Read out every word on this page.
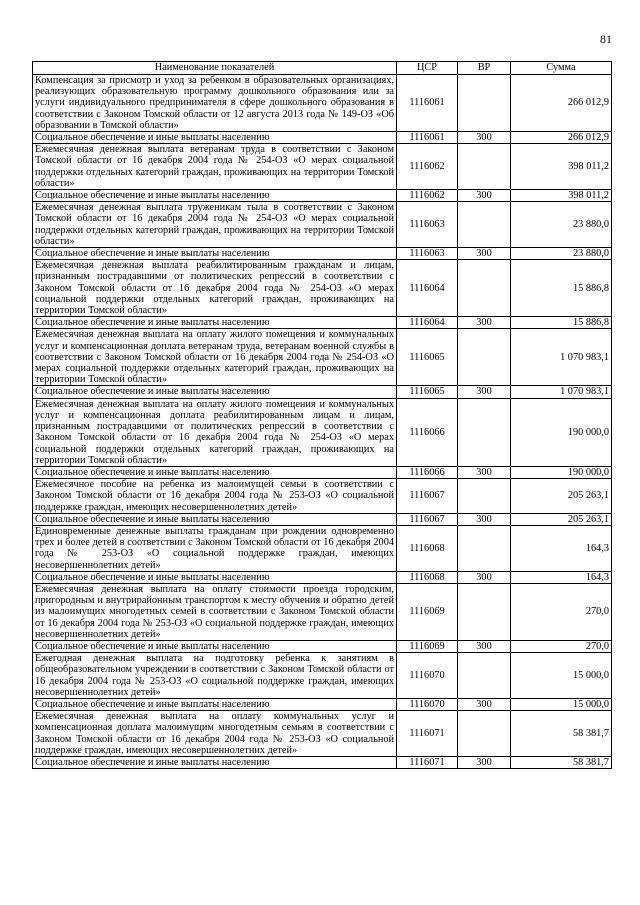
81
Наименование показателей	ЦСР	ВР	Сумма
Компенсация за присмотр и уход за ребенком в образовательных организациях, реализующих образовательную программу дошкольного образования или за услуги индивидуального предпринимателя в сфере дошкольного образования в соответствии с Законом Томской области от 12 августа 2013 года № 149-ОЗ «Об образовании в Томской области»	1116061		266 012,9
Социальное обеспечение и иные выплаты населению	1116061	300	266 012,9
Ежемесячная денежная выплата ветеранам труда в соответствии с Законом Томской области от 16 декабря 2004 года № 254-ОЗ «О мерах социальной поддержки отдельных категорий граждан, проживающих на территории Томской области»	1116062		398 011,2
Социальное обеспечение и иные выплаты населению	1116062	300	398 011,2
Ежемесячная денежная выплата труженикам тыла в соответствии с Законом Томской области от 16 декабря 2004 года № 254-ОЗ «О мерах социальной поддержки отдельных категорий граждан, проживающих на территории Томской области»	1116063		23 880,0
Социальное обеспечение и иные выплаты населению	1116063	300	23 880,0
Ежемесячная денежная выплата реабилитированным гражданам и лицам, признанным пострадавшими от политических репрессий в соответствии с Законом Томской области от 16 декабря 2004 года № 254-ОЗ «О мерах социальной поддержки отдельных категорий граждан, проживающих на территории Томской области»	1116064		15 886,8
Социальное обеспечение и иные выплаты населению	1116064	300	15 886,8
Ежемесячная денежная выплата на оплату жилого помещения и коммунальных услуг и компенсационная доплата ветеранам труда, ветеранам военной службы в соответствии с Законом Томской области от 16 декабря 2004 года № 254-ОЗ «О мерах социальной поддержки отдельных категорий граждан, проживающих на территории Томской области»	1116065		1 070 983,1
Социальное обеспечение и иные выплаты населению	1116065	300	1 070 983,1
Ежемесячная денежная выплата на оплату жилого помещения и коммунальных услуг и компенсационная доплата реабилитированным лицам и лицам, признанным пострадавшими от политических репрессий в соответствии с Законом Томской области от 16 декабря 2004 года № 254-ОЗ «О мерах социальной поддержки отдельных категорий граждан, проживающих на территории Томской области»	1116066		190 000,0
Социальное обеспечение и иные выплаты населению	1116066	300	190 000,0
Ежемесячное пособие на ребенка из малоимущей семьи в соответствии с Законом Томской области от 16 декабря 2004 года № 253-ОЗ «О социальной поддержке граждан, имеющих несовершеннолетних детей»	1116067		205 263,1
Социальное обеспечение и иные выплаты населению	1116067	300	205 263,1
Единовременные денежные выплаты гражданам при рождении одновременно трех и более детей в соответствии с Законом Томской области от 16 декабря 2004 года № 253-ОЗ «О социальной поддержке граждан, имеющих несовершеннолетних детей»	1116068		164,3
Социальное обеспечение и иные выплаты населению	1116068	300	164,3
Ежемесячная денежная выплата на оплату стоимости проезда городским, пригородным и внутрирайонным транспортом к месту обучения и обратно детей из малоимущих многодетных семей в соответствии с Законом Томской области от 16 декабря 2004 года № 253-ОЗ «О социальной поддержке граждан, имеющих несовершеннолетних детей»	1116069		270,0
Социальное обеспечение и иные выплаты населению	1116069	300	270,0
Ежегодная денежная выплата на подготовку ребенка к занятиям в общеобразовательном учреждении в соответствии с Законом Томской области от 16 декабря 2004 года № 253-ОЗ «О социальной поддержке граждан, имеющих несовершеннолетних детей»	1116070		15 000,0
Социальное обеспечение и иные выплаты населению	1116070	300	15 000,0
Ежемесячная денежная выплата на оплату коммунальных услуг и компенсационная доплата малоимущим многодетным семьям в соответствии с Законом Томской области от 16 декабря 2004 года № 253-ОЗ «О социальной поддержке граждан, имеющих несовершеннолетних детей»	1116071		58 381,7
Социальное обеспечение и иные выплаты населению	1116071	300	58 381,7
